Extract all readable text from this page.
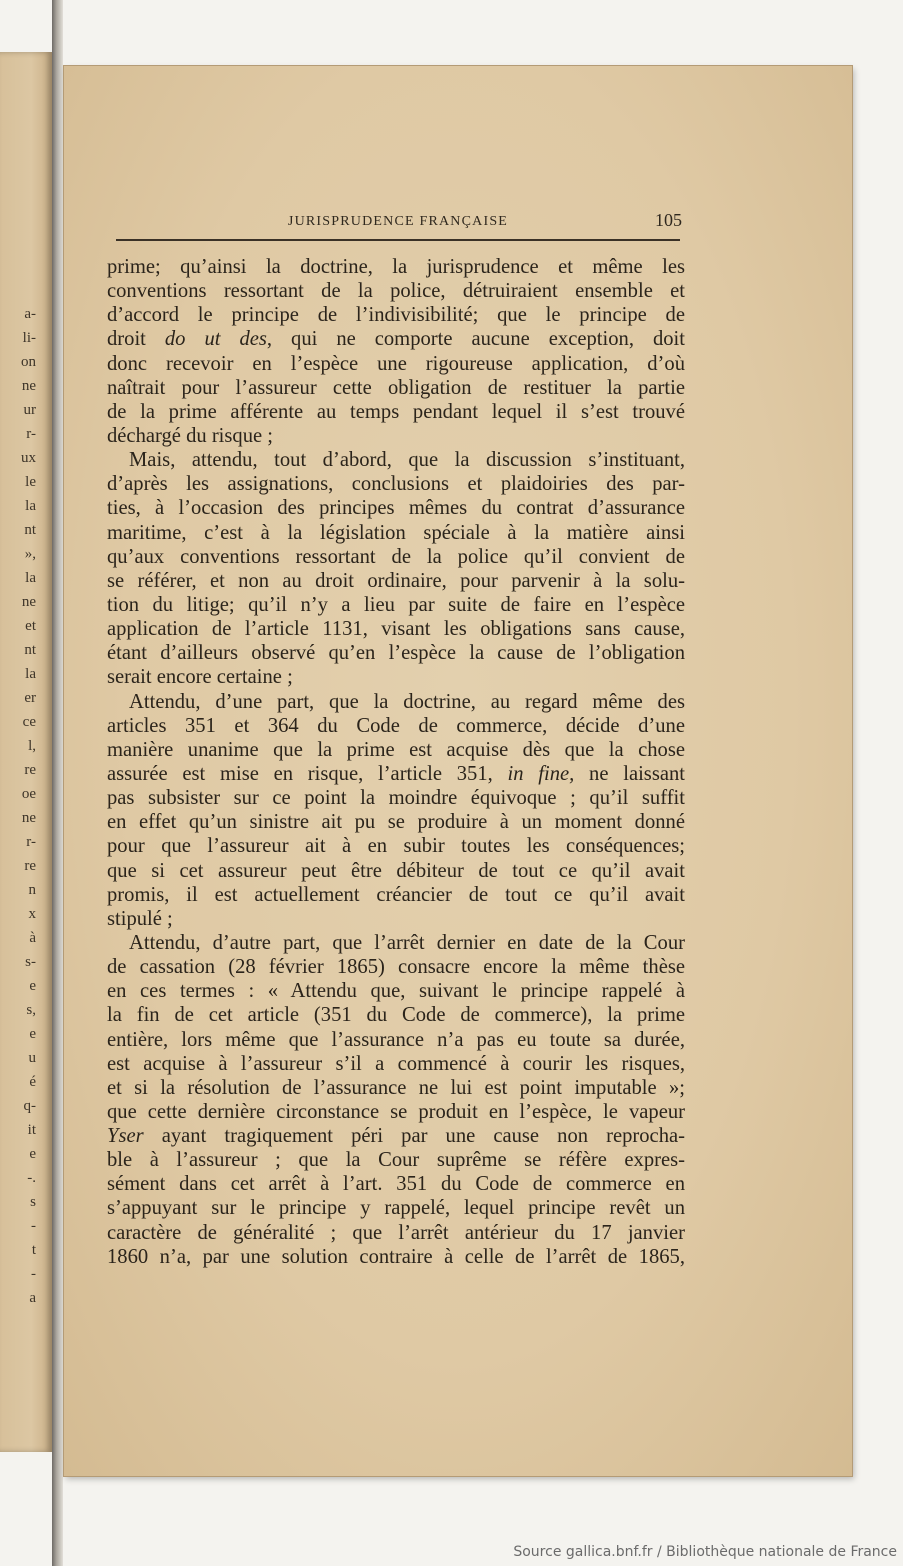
a-
li-
on
ne
ur
r-
ux
le
la
nt
»,
la
ne
et
nt
la
er
ce
l,
re
oe
ne
r-
re
n
x
à
s-
e
s,
e
u
é
q-
it
e
-.
s
-
t
-
a
JURISPRUDENCE FRANÇAISE	105
prime; qu’ainsi la doctrine, la jurisprudence et même les
conventions ressortant de la police, détruiraient ensemble et
d’accord le principe de l’indivisibilité; que le principe de
droit do ut des, qui ne comporte aucune exception, doit
donc recevoir en l’espèce une rigoureuse application, d’où
naîtrait pour l’assureur cette obligation de restituer la partie
de la prime afférente au temps pendant lequel il s’est trouvé
déchargé du risque ;
Mais, attendu, tout d’abord, que la discussion s’instituant,
d’après les assignations, conclusions et plaidoiries des par-
ties, à l’occasion des principes mêmes du contrat d’assurance
maritime, c’est à la législation spéciale à la matière ainsi
qu’aux conventions ressortant de la police qu’il convient de
se référer, et non au droit ordinaire, pour parvenir à la solu-
tion du litige; qu’il n’y a lieu par suite de faire en l’espèce
application de l’article 1131, visant les obligations sans cause,
étant d’ailleurs observé qu’en l’espèce la cause de l’obligation
serait encore certaine ;
Attendu, d’une part, que la doctrine, au regard même des
articles 351 et 364 du Code de commerce, décide d’une
manière unanime que la prime est acquise dès que la chose
assurée est mise en risque, l’article 351, in fine, ne laissant
pas subsister sur ce point la moindre équivoque ; qu’il suffit
en effet qu’un sinistre ait pu se produire à un moment donné
pour que l’assureur ait à en subir toutes les conséquences;
que si cet assureur peut être débiteur de tout ce qu’il avait
promis, il est actuellement créancier de tout ce qu’il avait
stipulé ;
Attendu, d’autre part, que l’arrêt dernier en date de la Cour
de cassation (28 février 1865) consacre encore la même thèse
en ces termes : « Attendu que, suivant le principe rappelé à
la fin de cet article (351 du Code de commerce), la prime
entière, lors même que l’assurance n’a pas eu toute sa durée,
est acquise à l’assureur s’il a commencé à courir les risques,
et si la résolution de l’assurance ne lui est point imputable »;
que cette dernière circonstance se produit en l’espèce, le vapeur
Yser ayant tragiquement péri par une cause non reprocha-
ble à l’assureur ; que la Cour suprême se réfère expres-
sément dans cet arrêt à l’art. 351 du Code de commerce en
s’appuyant sur le principe y rappelé, lequel principe revêt un
caractère de généralité ; que l’arrêt antérieur du 17 janvier
1860 n’a, par une solution contraire à celle de l’arrêt de 1865,
Source gallica.bnf.fr / Bibliothèque nationale de France
